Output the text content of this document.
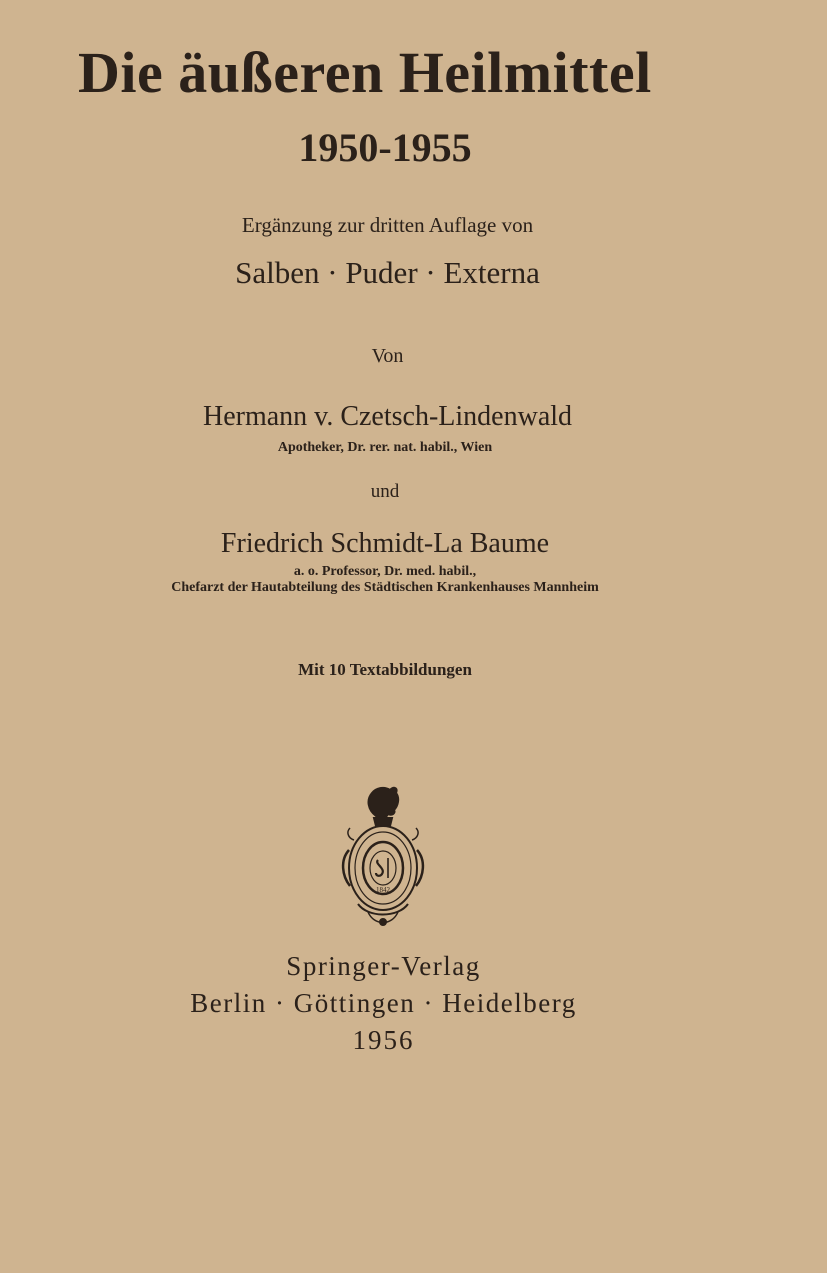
Die äußeren Heilmittel
1950-1955
Ergänzung zur dritten Auflage von
Salben · Puder · Externa
Von
Hermann v. Czetsch-Lindenwald
Apotheker, Dr. rer. nat. habil., Wien
und
Friedrich Schmidt-La Baume
a. o. Professor, Dr. med. habil.,
Chefarzt der Hautabteilung des Städtischen Krankenhauses Mannheim
Mit 10 Textabbildungen
1842
Springer-Verlag
Berlin · Göttingen · Heidelberg
1956
